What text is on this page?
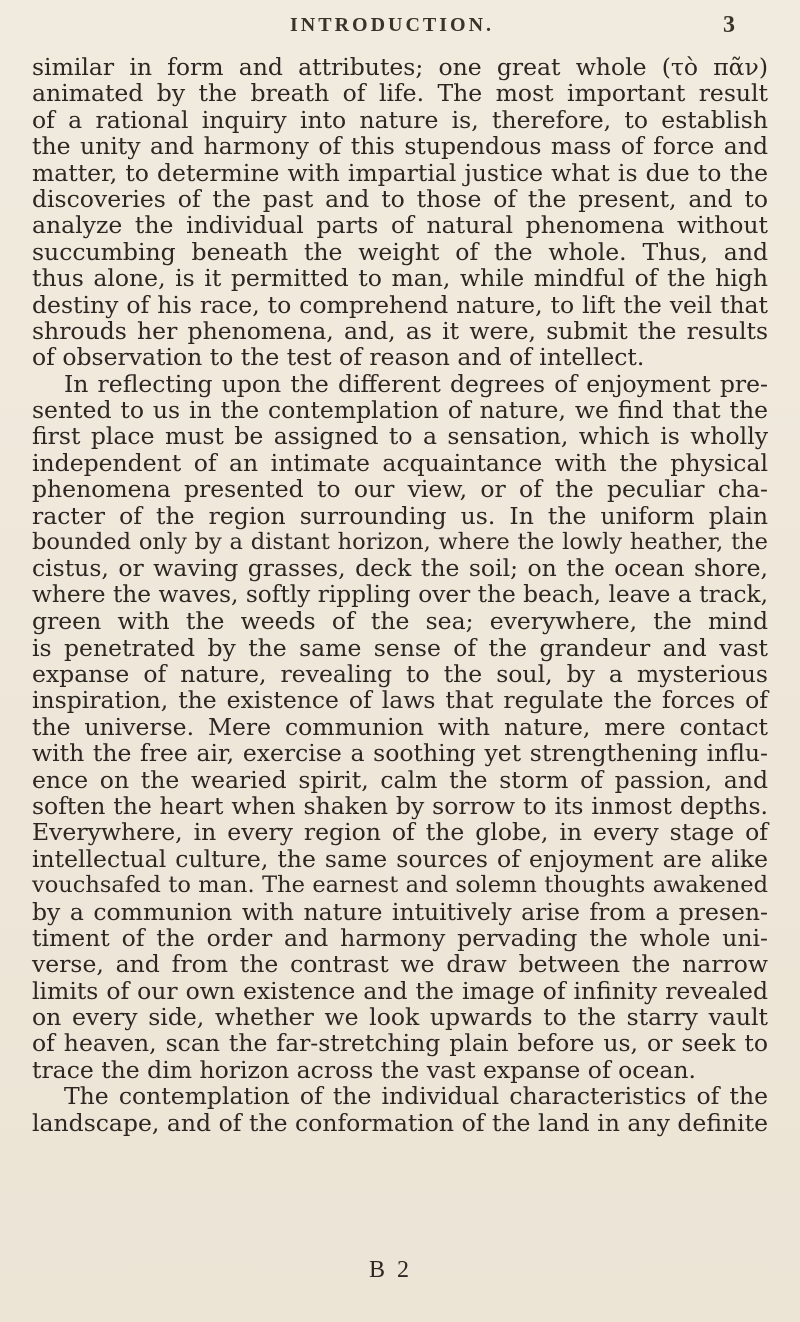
INTRODUCTION.	3
similar in form and attributes; one great whole (τὸ πᾶν)
animated by the breath of life. The most important result
of a rational inquiry into nature is, therefore, to establish
the unity and harmony of this stupendous mass of force and
matter, to determine with impartial justice what is due to the
discoveries of the past and to those of the present, and to
analyze the individual parts of natural phenomena without
succumbing beneath the weight of the whole. Thus, and
thus alone, is it permitted to man, while mindful of the high
destiny of his race, to comprehend nature, to lift the veil that
shrouds her phenomena, and, as it were, submit the results
of observation to the test of reason and of intellect.
In reflecting upon the different degrees of enjoyment pre-
sented to us in the contemplation of nature, we find that the
first place must be assigned to a sensation, which is wholly
independent of an intimate acquaintance with the physical
phenomena presented to our view, or of the peculiar cha-
racter of the region surrounding us. In the uniform plain
bounded only by a distant horizon, where the lowly heather, the
cistus, or waving grasses, deck the soil; on the ocean shore,
where the waves, softly rippling over the beach, leave a track,
green with the weeds of the sea; everywhere, the mind
is penetrated by the same sense of the grandeur and vast
expanse of nature, revealing to the soul, by a mysterious
inspiration, the existence of laws that regulate the forces of
the universe. Mere communion with nature, mere contact
with the free air, exercise a soothing yet strengthening influ-
ence on the wearied spirit, calm the storm of passion, and
soften the heart when shaken by sorrow to its inmost depths.
Everywhere, in every region of the globe, in every stage of
intellectual culture, the same sources of enjoyment are alike
vouchsafed to man. The earnest and solemn thoughts awakened
by a communion with nature intuitively arise from a presen-
timent of the order and harmony pervading the whole uni-
verse, and from the contrast we draw between the narrow
limits of our own existence and the image of infinity revealed
on every side, whether we look upwards to the starry vault
of heaven, scan the far-stretching plain before us, or seek to
trace the dim horizon across the vast expanse of ocean.
The contemplation of the individual characteristics of the
landscape, and of the conformation of the land in any definite
B 2
